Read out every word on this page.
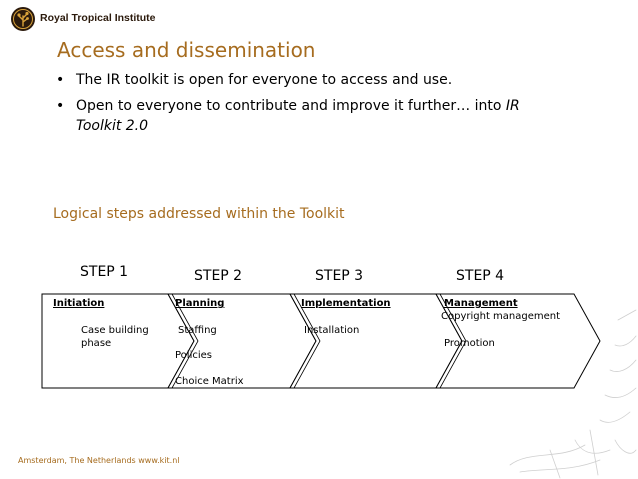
Royal Tropical Institute
Access and dissemination
• The IR toolkit is open for everyone to access and use.
• Open to everyone to contribute and improve it further… into IR Toolkit 2.0
Logical steps addressed within the Toolkit
STEP 1	STEP 2	STEP 3	STEP 4
Initiation
Case building
phase
Planning
Staffing
Policies
Choice Matrix
Implementation
Installation
Management
Copyright management
Promotion
Amsterdam, The Netherlands www.kit.nl
